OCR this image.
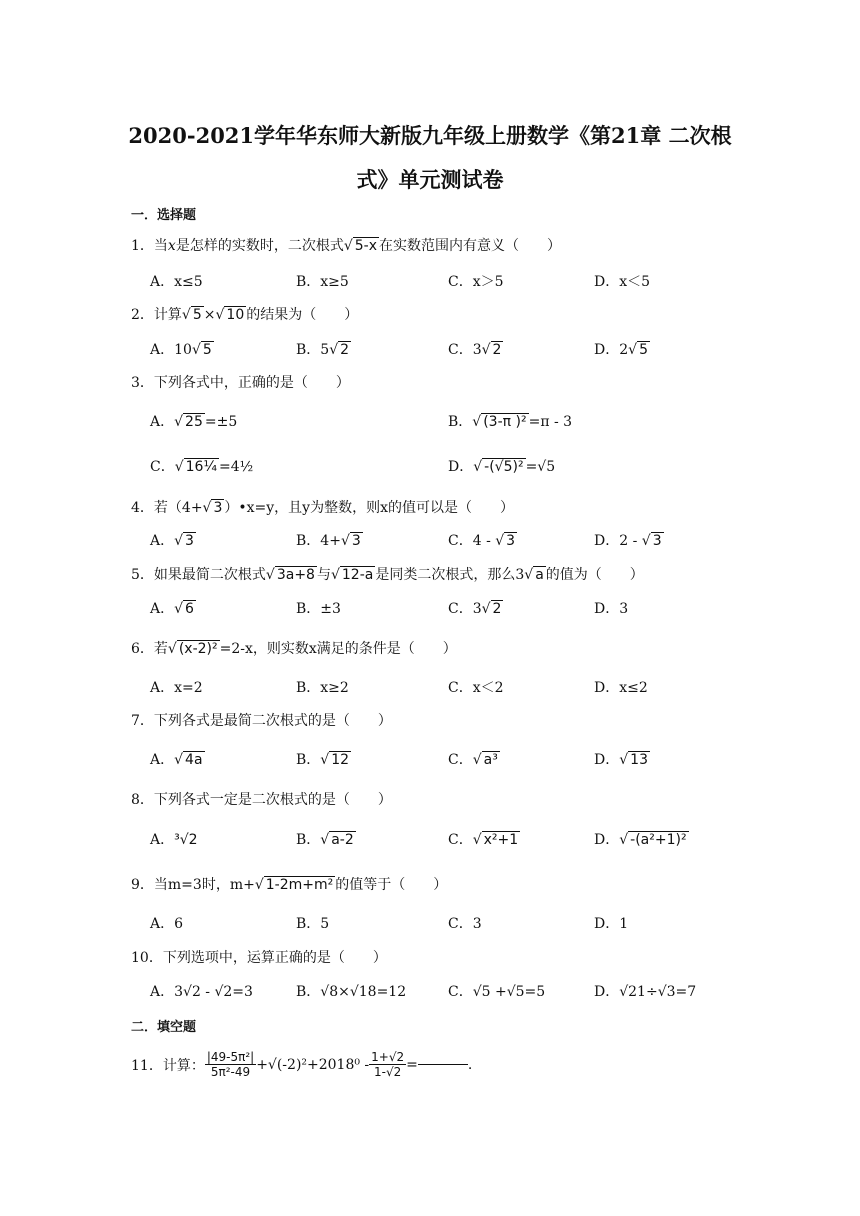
2020-2021学年华东师大新版九年级上册数学《第21章 二次根
式》单元测试卷
一．选择题
1．当x是怎样的实数时，二次根式√ 5-x 在实数范围内有意义（　　）
A．x≤5	B．x≥5	C．x＞5	D．x＜5
2．计算√ 5 ×√ 10 的结果为（　　）
A．10√ 5	B．5√ 2	C．3√ 2	D．2√ 5
3．下列各式中，正确的是（　　）
A．√ 25 =±5	B．√ (3-π )² =π - 3
C．√ 16¼ =4½	D．√ -(√5)² =√5
4．若（4+√ 3 ）•x=y，且y为整数，则x的值可以是（　　）
A．√ 3	B．4+√ 3	C．4 - √ 3	D．2 - √ 3
5．如果最简二次根式√ 3a+8 与√ 12-a 是同类二次根式，那么3√ a 的值为（　　）
A．√ 6	B．±3	C．3√ 2	D．3
6．若√ (x-2)² =2-x，则实数x满足的条件是（　　）
A．x=2	B．x≥2	C．x＜2	D．x≤2
7．下列各式是最简二次根式的是（　　）
A．√ 4a	B．√ 12	C．√ a³	D．√ 13
8．下列各式一定是二次根式的是（　　）
A．³√2	B．√ a-2	C．√ x²+1	D．√ -(a²+1)²
9．当m=3时，m+√ 1-2m+m² 的值等于（　　）
A．6	B．5	C．3	D．1
10．下列选项中，运算正确的是（　　）
A．3√2 - √2=3	B．√8×√18=12	C．√5 +√5=5	D．√21÷√3=7
二．填空题
11．计算： $\frac{\text{|49-5π²|}}{\text{5π²-49}} +√(-2)^2+2018^0 - \frac{1+√2}{1-√2}$ =	.
